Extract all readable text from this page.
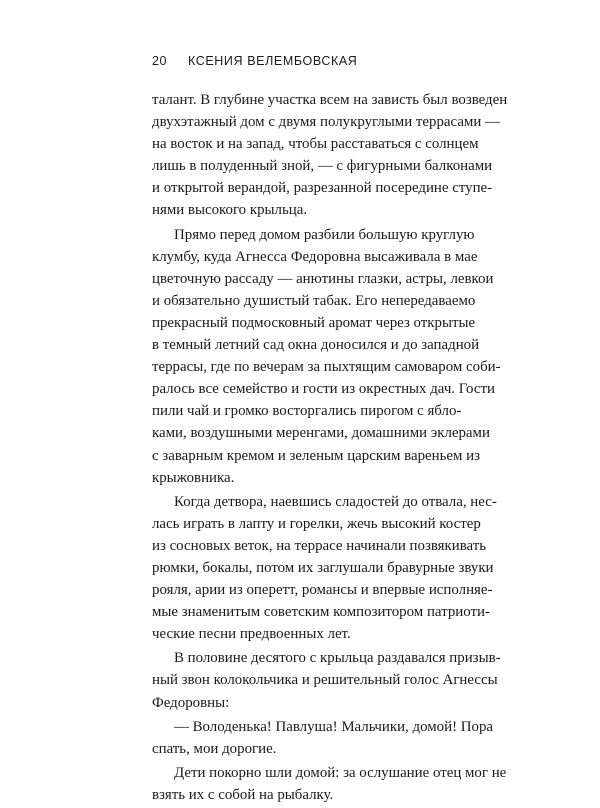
20 КСЕНИЯ ВЕЛЕМБОВСКАЯ
талант. В глубине участка всем на зависть был возведен
двухэтажный дом с двумя полукруглыми террасами —
на восток и на запад, чтобы расставаться с солнцем
лишь в полуденный зной, — с фигурными балконами
и открытой верандой, разрезанной посередине ступе-
нями высокого крыльца.
Прямо перед домом разбили большую круглую
клумбу, куда Агнесса Федоровна высаживала в мае
цветочную рассаду — анютины глазки, астры, левкои
и обязательно душистый табак. Его непередаваемо
прекрасный подмосковный аромат через открытые
в темный летний сад окна доносился и до западной
террасы, где по вечерам за пыхтящим самоваром соби-
ралось все семейство и гости из окрестных дач. Гости
пили чай и громко восторгались пирогом с ябло-
ками, воздушными меренгами, домашними эклерами
с заварным кремом и зеленым царским вареньем из
крыжовника.
Когда детвора, наевшись сладостей до отвала, нес-
лась играть в лапту и горелки, жечь высокий костер
из сосновых веток, на террасе начинали позвякивать
рюмки, бокалы, потом их заглушали бравурные звуки
рояля, арии из оперетт, романсы и впервые исполняе-
мые знаменитым советским композитором патриоти-
ческие песни предвоенных лет.
В половине десятого с крыльца раздавался призыв-
ный звон колокольчика и решительный голос Агнессы
Федоровны:
— Володенька! Павлуша! Мальчики, домой! Пора
спать, мои дорогие.
Дети покорно шли домой: за ослушание отец мог не
взять их с собой на рыбалку.
